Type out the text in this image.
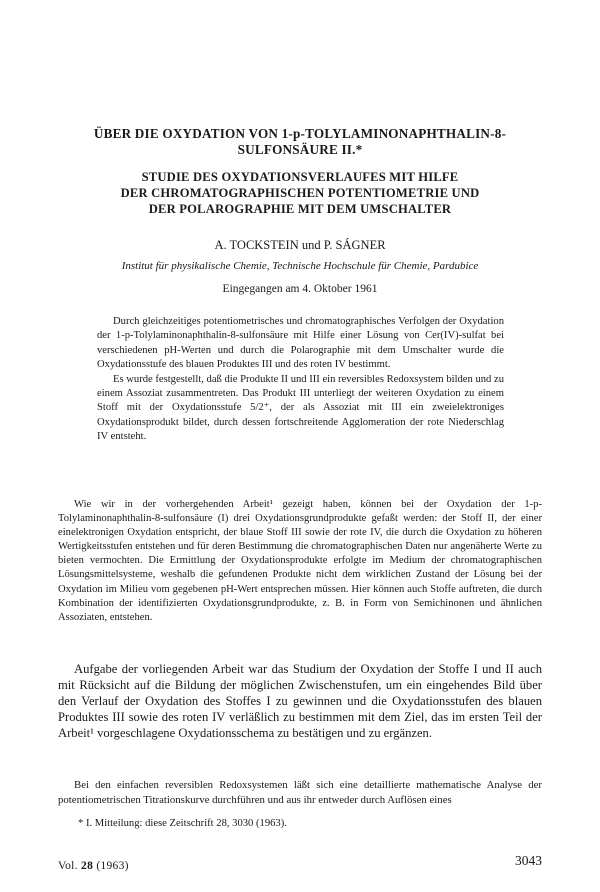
ÜBER DIE OXYDATION VON 1-p-TOLYLAMINONAPHTHALIN-8-
SULFONSÄURE II.*
STUDIE DES OXYDATIONSVERLAUFES MIT HILFE
DER CHROMATOGRAPHISCHEN POTENTIOMETRIE UND
DER POLAROGRAPHIE MIT DEM UMSCHALTER
A. TOCKSTEIN und P. SÁGNER
Institut für physikalische Chemie, Technische Hochschule für Chemie, Pardubice
Eingegangen am 4. Oktober 1961

Durch gleichzeitiges potentiometrisches und chromatographisches Verfolgen der Oxydation der 1-p-Tolylaminonaphthalin-8-sulfonsäure mit Hilfe einer Lösung von Cer(IV)-sulfat bei verschiedenen pH-Werten und durch die Polarographie mit dem Umschalter wurde die Oxydationsstufe des blauen Produktes III und des roten IV bestimmt.

Es wurde festgestellt, daß die Produkte II und III ein reversibles Redoxsystem bilden und zu einem Assoziat zusammentreten. Das Produkt III unterliegt der weiteren Oxydation zu einem Stoff mit der Oxydationsstufe 5/2⁺, der als Assoziat mit III ein zweielektroniges Oxydationsprodukt bildet, durch dessen fortschreitende Agglomeration der rote Niederschlag IV entsteht.

Wie wir in der vorhergehenden Arbeit¹ gezeigt haben, können bei der Oxydation der 1-p-Tolylaminonaphthalin-8-sulfonsäure (I) drei Oxydationsgrundprodukte gefaßt werden: der Stoff II, der einer einelektronigen Oxydation entspricht, der blaue Stoff III sowie der rote IV, die durch die Oxydation zu höheren Wertigkeitsstufen entstehen und für deren Bestimmung die chromatographischen Daten nur angenäherte Werte zu bieten vermochten. Die Ermittlung der Oxydationsprodukte erfolgte im Medium der chromatographischen Lösungsmittelsysteme, weshalb die gefundenen Produkte nicht dem wirklichen Zustand der Lösung bei der Oxydation im Milieu vom gegebenen pH-Wert entsprechen müssen. Hier können auch Stoffe auftreten, die durch Kombination der identifizierten Oxydationsgrundprodukte, z. B. in Form von Semichinonen und ähnlichen Assoziaten, entstehen.

Aufgabe der vorliegenden Arbeit war das Studium der Oxydation der Stoffe I und II auch mit Rücksicht auf die Bildung der möglichen Zwischenstufen, um ein eingehendes Bild über den Verlauf der Oxydation des Stoffes I zu gewinnen und die Oxydationsstufen des blauen Produktes III sowie des roten IV verläßlich zu bestimmen mit dem Ziel, das im ersten Teil der Arbeit¹ vorgeschlagene Oxydationsschema zu bestätigen und zu ergänzen.

Bei den einfachen reversiblen Redoxsystemen läßt sich eine detaillierte mathematische Analyse der potentiometrischen Titrationskurve durchführen und aus ihr entweder durch Auflösen eines

* I. Mitteilung: diese Zeitschrift 28, 3030 (1963).
Vol. 28 (1963)	3043
